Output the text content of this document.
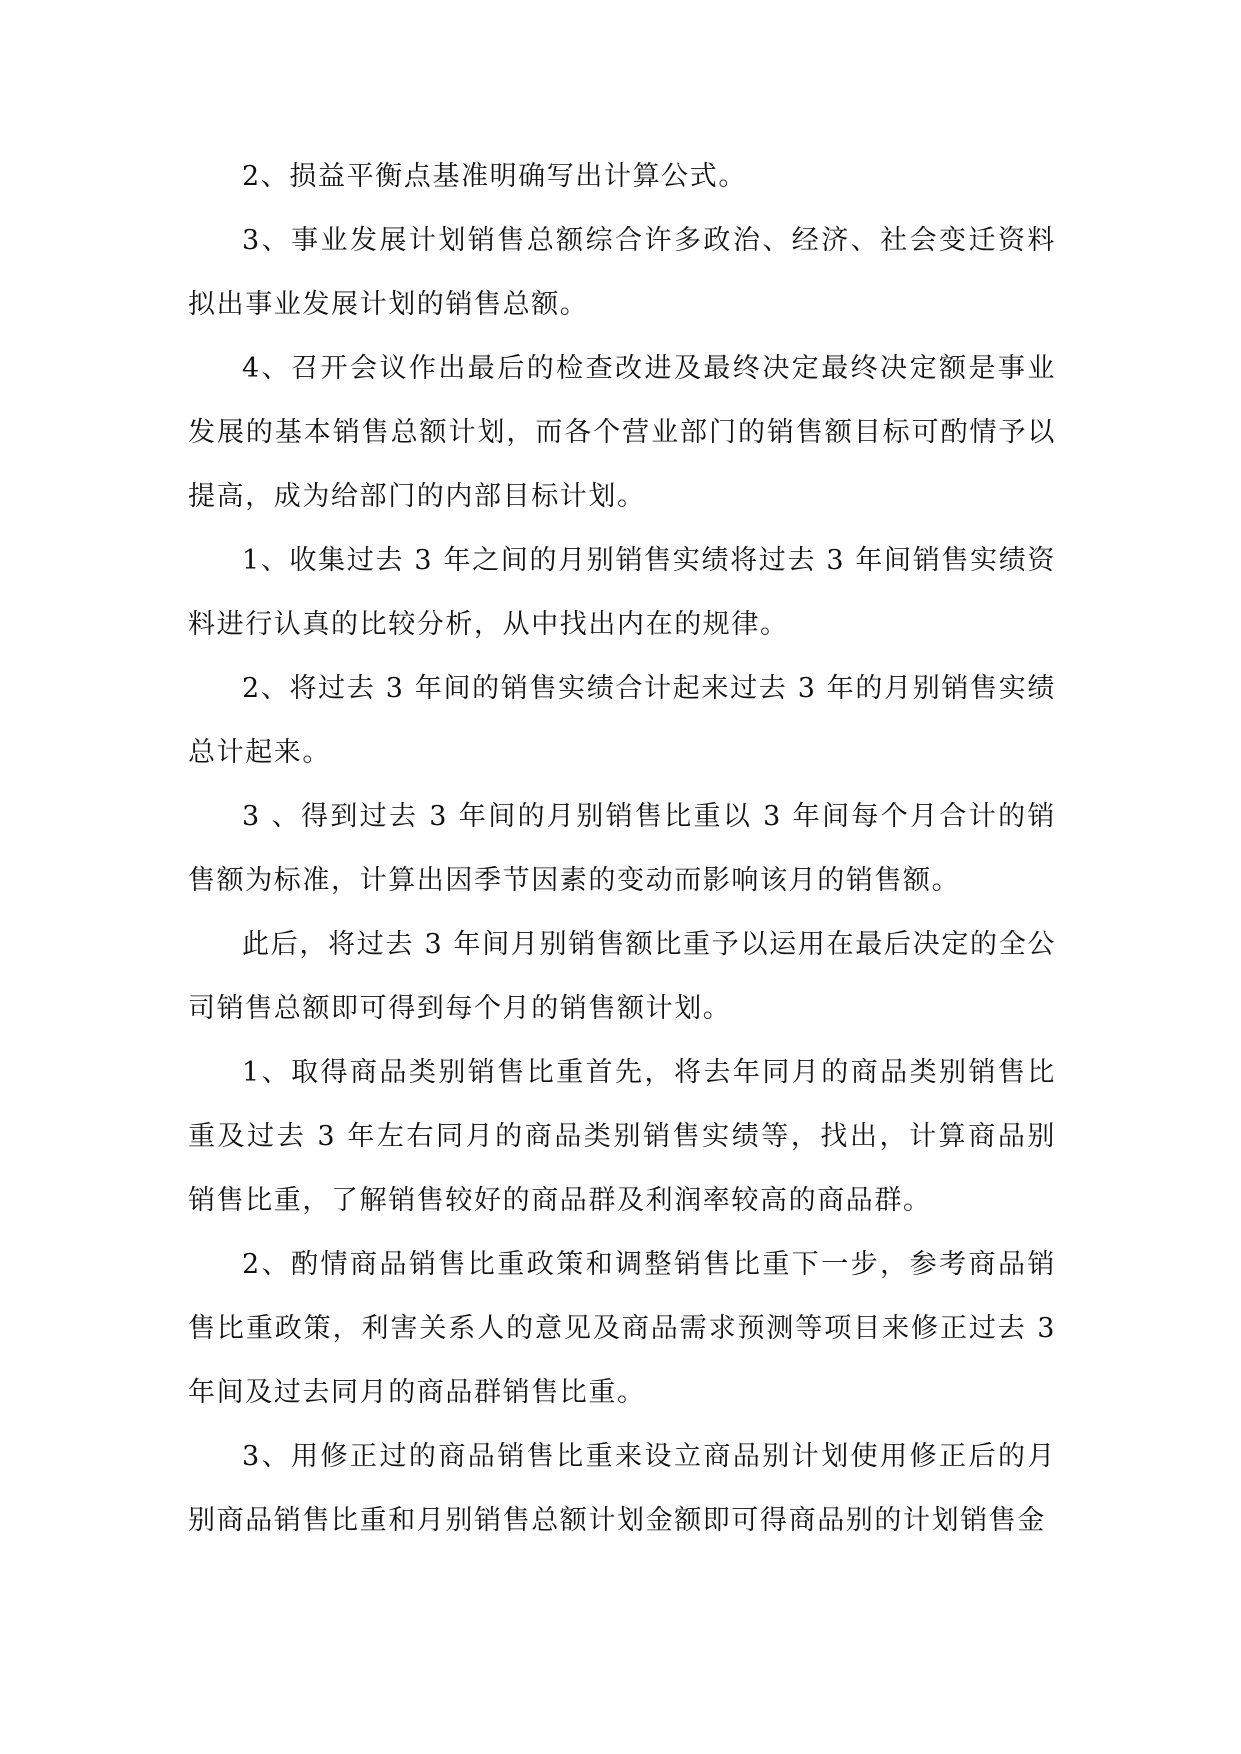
2、损益平衡点基准明确写出计算公式。

3、事业发展计划销售总额综合许多政治、经济、社会变迁资料拟出事业发展计划的销售总额。

4、召开会议作出最后的检查改进及最终决定最终决定额是事业发展的基本销售总额计划，而各个营业部门的销售额目标可酌情予以提高，成为给部门的内部目标计划。

1、收集过去 3 年之间的月别销售实绩将过去 3 年间销售实绩资料进行认真的比较分析，从中找出内在的规律。

2、将过去 3 年间的销售实绩合计起来过去 3 年的月别销售实绩总计起来。

3 、得到过去 3 年间的月别销售比重以 3 年间每个月合计的销售额为标准，计算出因季节因素的变动而影响该月的销售额。

此后，将过去 3 年间月别销售额比重予以运用在最后决定的全公司销售总额即可得到每个月的销售额计划。

1、取得商品类别销售比重首先，将去年同月的商品类别销售比重及过去 3 年左右同月的商品类别销售实绩等，找出，计算商品别销售比重，了解销售较好的商品群及利润率较高的商品群。

2、酌情商品销售比重政策和调整销售比重下一步，参考商品销售比重政策，利害关系人的意见及商品需求预测等项目来修正过去 3 年间及过去同月的商品群销售比重。

3、用修正过的商品销售比重来设立商品别计划使用修正后的月别商品销售比重和月别销售总额计划金额即可得商品别的计划销售金
